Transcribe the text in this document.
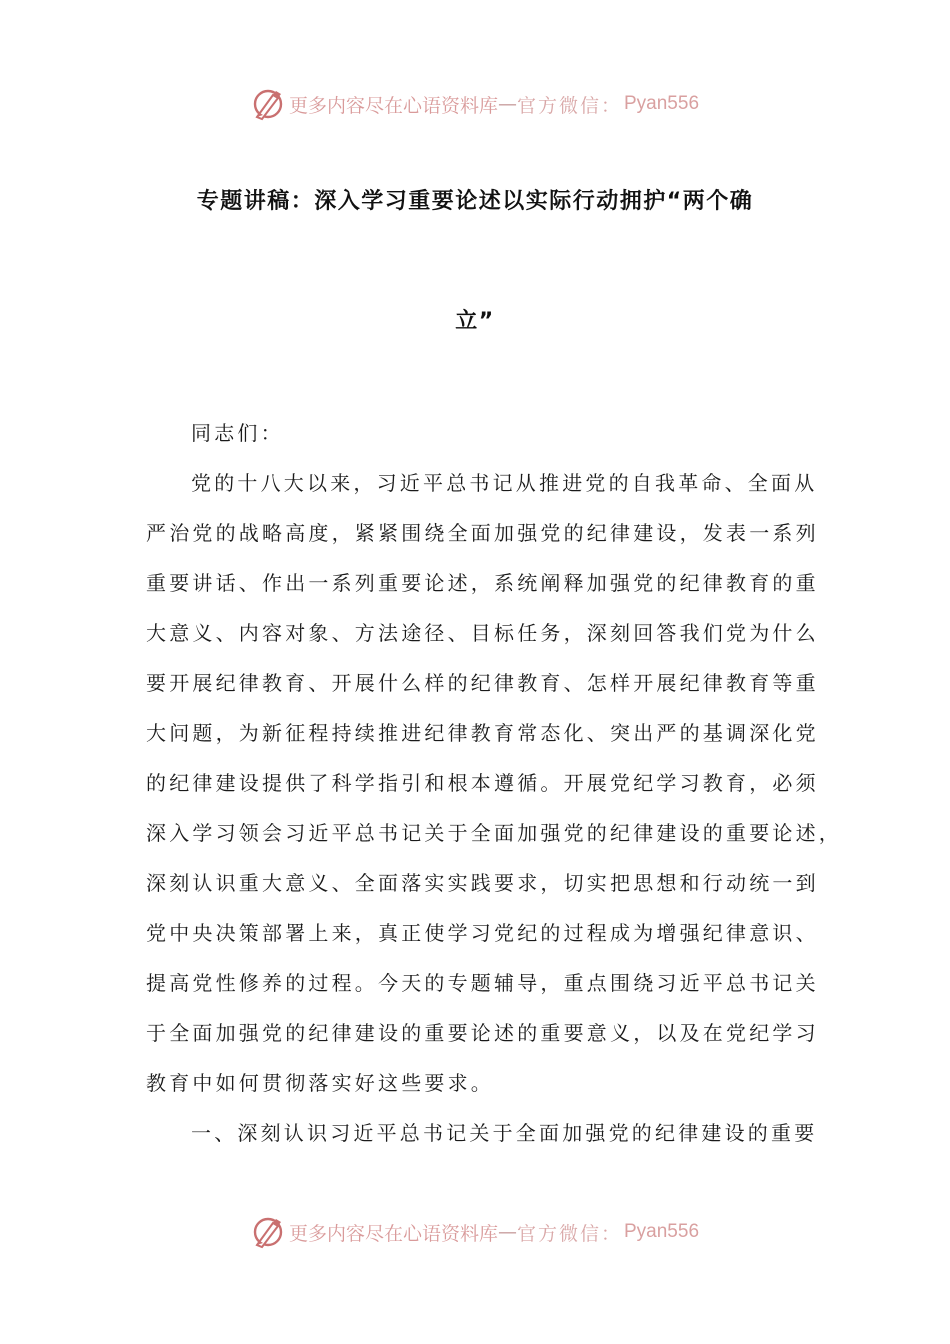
更多内容尽在心语资料库 — 官方微信： Pyan556
专题讲稿：深入学习重要论述以实际行动拥护“两个确
立”
同志们：
党的十八大以来，习近平总书记从推进党的自我革命、全面从
严治党的战略高度，紧紧围绕全面加强党的纪律建设，发表一系列
重要讲话、作出一系列重要论述，系统阐释加强党的纪律教育的重
大意义、内容对象、方法途径、目标任务，深刻回答我们党为什么
要开展纪律教育、开展什么样的纪律教育、怎样开展纪律教育等重
大问题，为新征程持续推进纪律教育常态化、突出严的基调深化党
的纪律建设提供了科学指引和根本遵循。开展党纪学习教育，必须
深入学习领会习近平总书记关于全面加强党的纪律建设的重要论述，
深刻认识重大意义、全面落实实践要求，切实把思想和行动统一到
党中央决策部署上来，真正使学习党纪的过程成为增强纪律意识、
提高党性修养的过程。今天的专题辅导，重点围绕习近平总书记关
于全面加强党的纪律建设的重要论述的重要意义，以及在党纪学习
教育中如何贯彻落实好这些要求。
一、深刻认识习近平总书记关于全面加强党的纪律建设的重要
更多内容尽在心语资料库 — 官方微信： Pyan556
